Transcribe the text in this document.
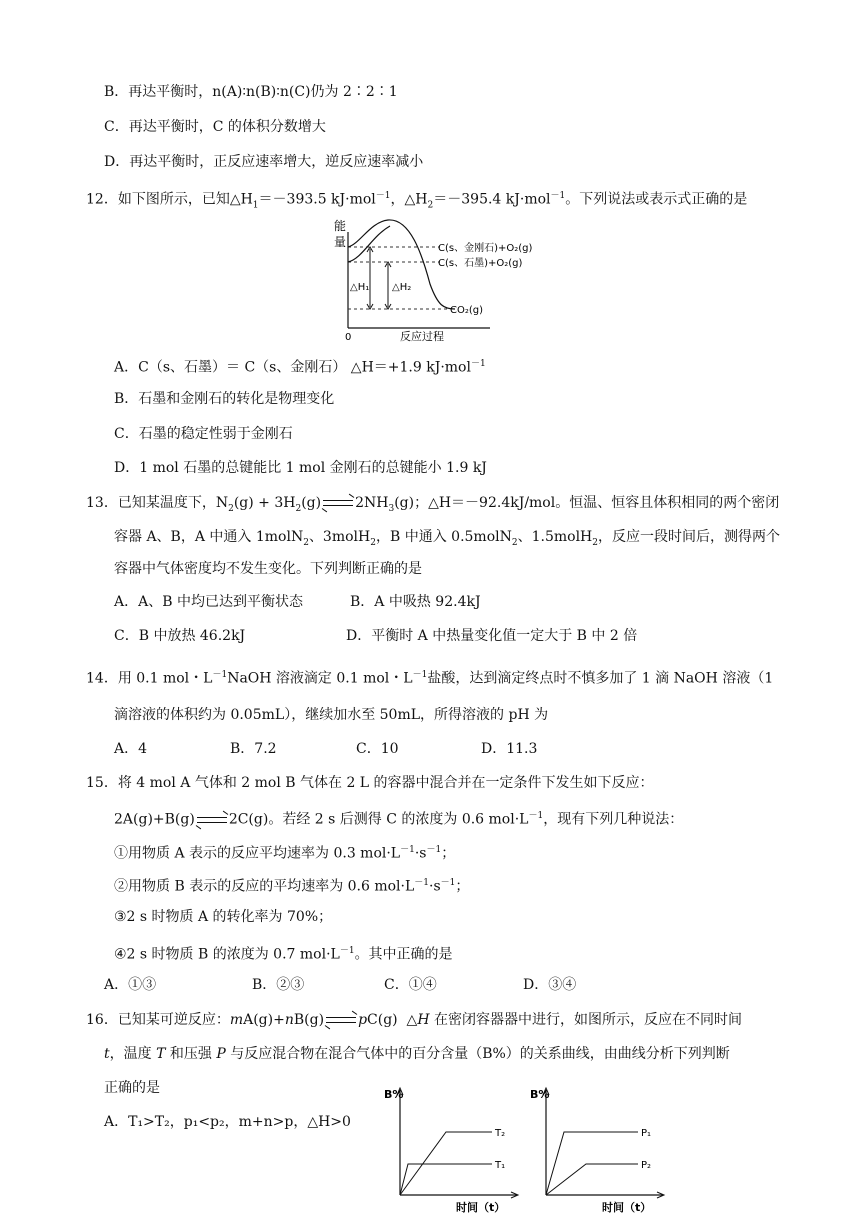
B．再达平衡时，n(A)∶n(B)∶n(C)仍为 2∶2∶1
C．再达平衡时，C 的体积分数增大
D．再达平衡时，正反应速率增大，逆反应速率减小
12．如下图所示，已知$\triangle H_1=-393.5$ kJ·mol$^{-1}$，$\triangle H_2=-395.4$ kJ·mol$^{-1}$。下列说法或表示式正确的是
能
量
△H₁ △H₂
C(s、金刚石)+O₂(g)
C(s、石墨)+O₂(g)
CO₂(g)
0	反应过程
A．C（s、石墨）＝ C（s、金刚石） △H＝+1.9 kJ·mol$^{-1}$
B．石墨和金刚石的转化是物理变化
C．石墨的稳定性弱于金刚石
D．1 mol 石墨的总键能比 1 mol 金刚石的总键能小 1.9 kJ
13．已知某温度下，$N_2(g) + 3H_2(g)$ $2NH_3(g)$；△H＝－92.4kJ/mol。恒温、恒容且体积相同的两个密闭
容器 A、B，A 中通入 1molN$_2$、3molH$_2$，B 中通入 0.5molN$_2$、1.5molH$_2$，反应一段时间后，测得两个
容器中气体密度均不发生变化。下列判断正确的是
A．A、B 中均已达到平衡状态	B．A 中吸热 92.4kJ
C．B 中放热 46.2kJ	D．平衡时 A 中热量变化值一定大于 B 中 2 倍
14．用 0.1 mol・$L^{-1}NaOH$ 溶液滴定 0.1 mol・$L^{-1}$盐酸，达到滴定终点时不慎多加了 1 滴 NaOH 溶液（1
滴溶液的体积约为 0.05mL），继续加水至 50mL，所得溶液的 pH 为
A．4	B．7.2	C．10	D．11.3
15．将 4 mol A 气体和 2 mol B 气体在 2 L 的容器中混合并在一定条件下发生如下反应：
2A(g)+B(g) 2C(g)。若经 2 s 后测得 C 的浓度为 0.6 $mol\cdot L^{-1}$，现有下列几种说法：
①用物质 A 表示的反应平均速率为 0.3 $mol\cdot L^{-1}\cdot s^{-1}$；
②用物质 B 表示的反应的平均速率为 0.6 $mol\cdot L^{-1}\cdot s^{-1}$；
③2 s 时物质 A 的转化率为 70%；
④2 s 时物质 B 的浓度为 0.7 $mol\cdot L^{-1}$。其中正确的是
A．①③	B．②③	C．①④	D．③④
16．已知某可逆反应：mA(g)+nB(g) pC(g) △H 在密闭容器器中进行，如图所示，反应在不同时间
t，温度 T 和压强 P 与反应混合物在混合气体中的百分含量（B%）的关系曲线，由曲线分析下列判断
正确的是
A．T₁>T₂，p₁<p₂，m+n>p，△H>0
B%
T₂
T₁
时间（t）
B%
P₁
P₂
时间（t）
